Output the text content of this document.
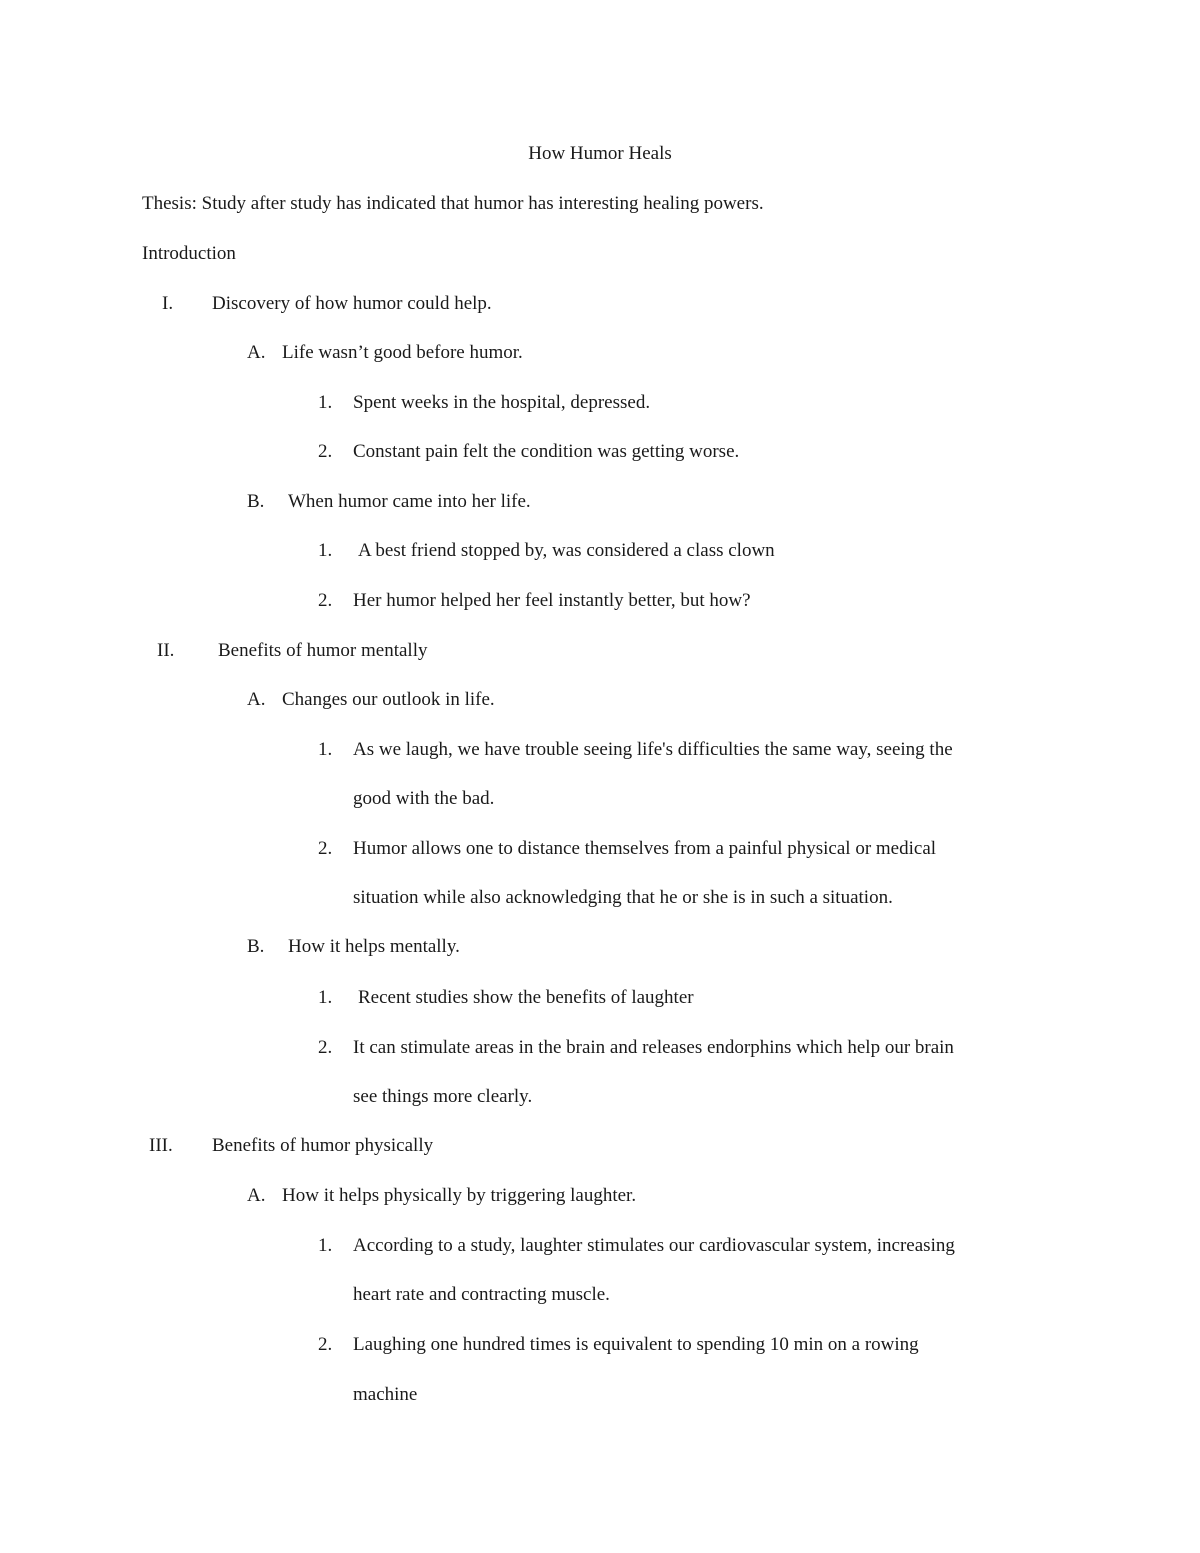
How Humor Heals
Thesis: Study after study has indicated that humor has interesting healing powers.
Introduction
I. Discovery of how humor could help.
A. Life wasn’t good before humor.
1. Spent weeks in the hospital, depressed.
2. Constant pain felt the condition was getting worse.
B. When humor came into her life.
1. A best friend stopped by, was considered a class clown
2. Her humor helped her feel instantly better, but how?
II. Benefits of humor mentally
A. Changes our outlook in life.
1. As we laugh, we have trouble seeing life's difficulties the same way, seeing the
good with the bad.
2. Humor allows one to distance themselves from a painful physical or medical
situation while also acknowledging that he or she is in such a situation.
B. How it helps mentally.
1. Recent studies show the benefits of laughter
2. It can stimulate areas in the brain and releases endorphins which help our brain
see things more clearly.
III. Benefits of humor physically
A. How it helps physically by triggering laughter.
1. According to a study, laughter stimulates our cardiovascular system, increasing
heart rate and contracting muscle.
2. Laughing one hundred times is equivalent to spending 10 min on a rowing
machine
